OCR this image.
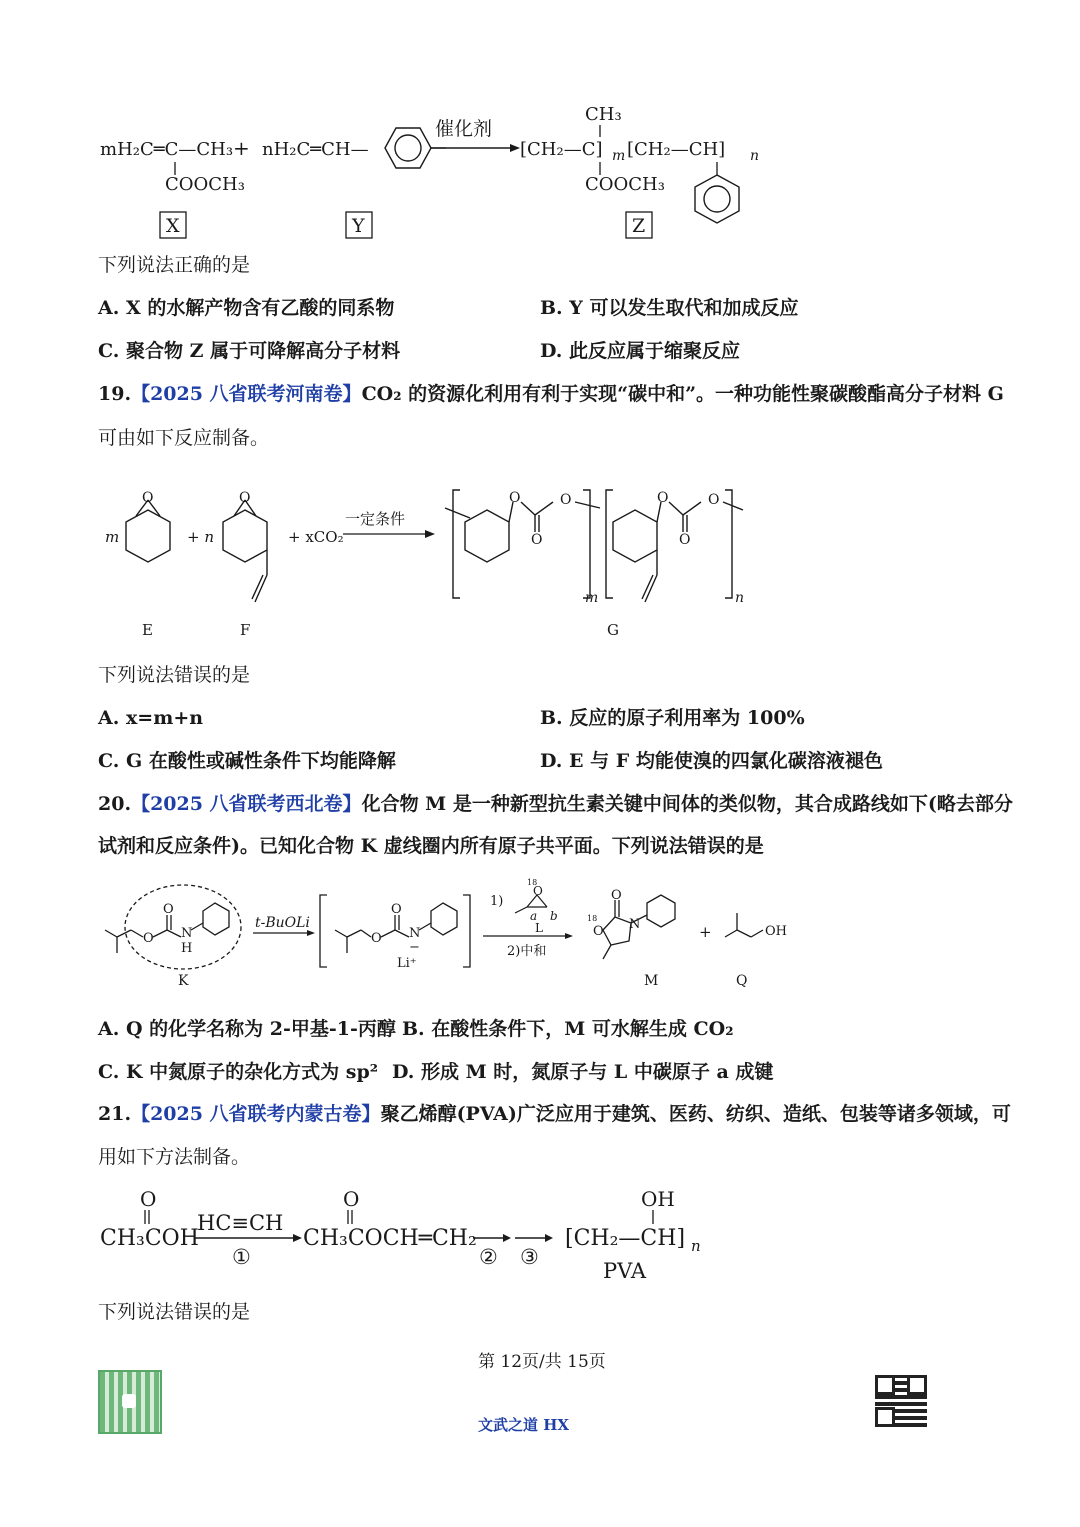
mH₂C═C—CH₃
COOCH₃
+ nH₂C═CH—
催化剂
CH₃
[CH₂—C] m [CH₂—CH] n
COOCH₃
X	Y	Z
下列说法正确的是
A. X 的水解产物含有乙酸的同系物	B. Y 可以发生取代和加成反应
C. 聚合物 Z 属于可降解高分子材料	D. 此反应属于缩聚反应
19.【2025 八省联考河南卷】CO₂ 的资源化利用有利于实现“碳中和”。一种功能性聚碳酸酯高分子材料 G
可由如下反应制备。
m
O
E
+ n
O
F
+ xCO₂
一定条件
O
O
O	O
O
O
m	n
G
下列说法错误的是
A. x=m+n	B. 反应的原子利用率为 100%
C. G 在酸性或碱性条件下均能降解	D. E 与 F 均能使溴的四氯化碳溶液褪色
20.【2025 八省联考西北卷】化合物 M 是一种新型抗生素关键中间体的类似物，其合成路线如下(略去部分
试剂和反应条件)。已知化合物 K 虚线圈内所有原子共平面。下列说法错误的是
O
O
N
H
K
t-BuOLi
O
O
N
−
Li⁺
1)
18
O
a b
L
2)中和
18
O
O
N
M
+	OH
Q
A. Q 的化学名称为 2-甲基-1-丙醇 B. 在酸性条件下，M 可水解生成 CO₂
C. K 中氮原子的杂化方式为 sp² D. 形成 M 时，氮原子与 L 中碳原子 a 成键
21.【2025 八省联考内蒙古卷】聚乙烯醇(PVA)广泛应用于建筑、医药、纺织、造纸、包装等诸多领域，可
用如下方法制备。
O
CH₃COH
HC≡CH
①
O
CH₃COCH═CH₂
② ③
OH
[CH₂—CH] n
PVA
下列说法错误的是
第 12页/共 15页
文武之道 HX
